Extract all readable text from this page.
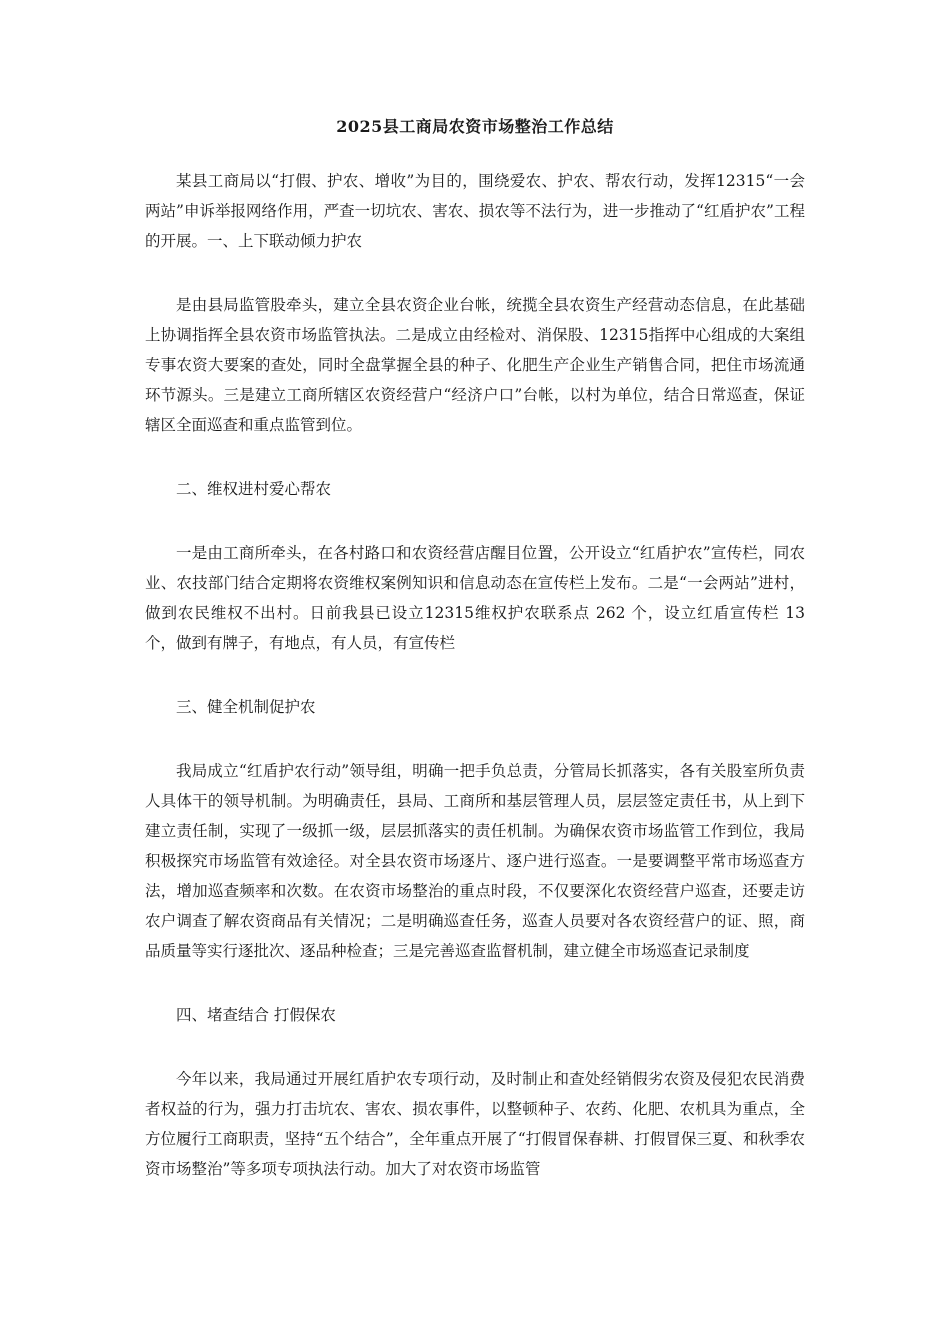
2025县工商局农资市场整治工作总结

某县工商局以“打假、护农、增收”为目的，围绕爱农、护农、帮农行动，发挥12315“一会两站”申诉举报网络作用，严查一切坑农、害农、损农等不法行为，进一步推动了“红盾护农”工程的开展。一、上下联动倾力护农

是由县局监管股牵头，建立全县农资企业台帐，统揽全县农资生产经营动态信息，在此基础上协调指挥全县农资市场监管执法。二是成立由经检对、消保股、12315指挥中心组成的大案组专事农资大要案的查处，同时全盘掌握全县的种子、化肥生产企业生产销售合同，把住市场流通环节源头。三是建立工商所辖区农资经营户“经济户口”台帐，以村为单位，结合日常巡查，保证辖区全面巡查和重点监管到位。

二、维权进村爱心帮农

一是由工商所牵头，在各村路口和农资经营店醒目位置，公开设立“红盾护农”宣传栏，同农业、农技部门结合定期将农资维权案例知识和信息动态在宣传栏上发布。二是“一会两站”进村，做到农民维权不出村。日前我县已设立12315维权护农联系点 262 个，设立红盾宣传栏 13 个，做到有牌子，有地点，有人员，有宣传栏

三、健全机制促护农

我局成立“红盾护农行动”领导组，明确一把手负总责，分管局长抓落实，各有关股室所负责人具体干的领导机制。为明确责任，县局、工商所和基层管理人员，层层签定责任书，从上到下建立责任制，实现了一级抓一级，层层抓落实的责任机制。为确保农资市场监管工作到位，我局积极探究市场监管有效途径。对全县农资市场逐片、逐户进行巡查。一是要调整平常市场巡查方法，增加巡查频率和次数。在农资市场整治的重点时段，不仅要深化农资经营户巡查，还要走访农户调查了解农资商品有关情况；二是明确巡查任务，巡查人员要对各农资经营户的证、照，商品质量等实行逐批次、逐品种检查；三是完善巡查监督机制，建立健全市场巡查记录制度

四、堵查结合 打假保农

今年以来，我局通过开展红盾护农专项行动，及时制止和查处经销假劣农资及侵犯农民消费者权益的行为，强力打击坑农、害农、损农事件，以整顿种子、农药、化肥、农机具为重点，全方位履行工商职责，坚持“五个结合”，全年重点开展了“打假冒保春耕、打假冒保三夏、和秋季农资市场整治”等多项专项执法行动。加大了对农资市场监管
